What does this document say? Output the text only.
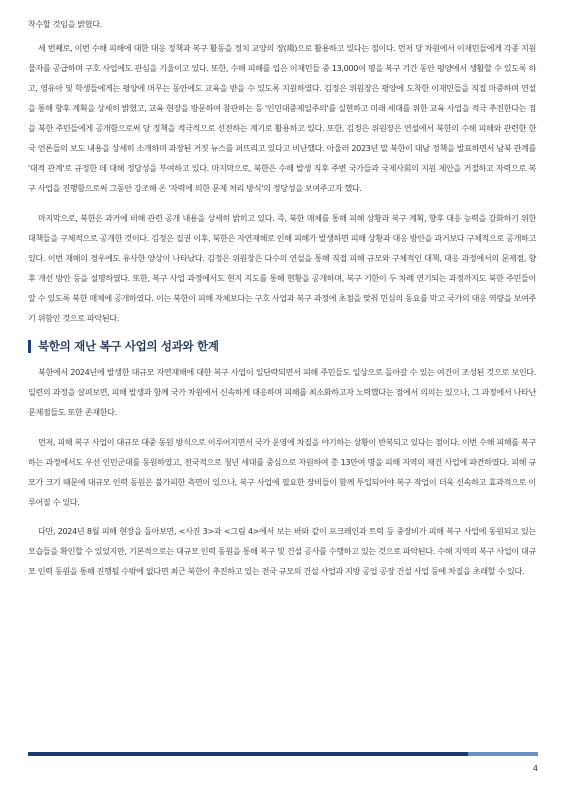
착수할 것임을 밝혔다.

세 번째로, 이번 수해 피해에 대한 대응 정책과 복구 활동을 정치 교양의 장(場)으로 활용하고 있다는 점이다. 먼저 당 차원에서 이재민들에게 각종 지원 물자를 공급하며 구호 사업에도 관심을 기울이고 있다. 또한, 수해 피해를 입은 이재민들 중 13,000여 명을 복구 기간 동안 평양에서 생활할 수 있도록 하고, 영유아 및 학생들에게는 평양에 머무는 동안에도 교육을 받을 수 있도록 지원하였다. 김정은 위원장은 평양에 도착한 이재민들을 직접 마중하며 연설을 통해 향후 계획을 상세히 밝혔고, 교육 현장을 방문하여 참관하는 등 '인민대중제일주의'를 실현하고 미래 세대를 위한 교육 사업을 적극 추진한다는 점을 북한 주민들에게 공개함으로써 당 정책을 적극적으로 선전하는 계기로 활용하고 있다. 또한, 김정은 위원장은 연설에서 북한의 수해 피해와 관련한 한국 언론들의 보도 내용을 상세히 소개하며 과장된 거짓 뉴스를 퍼뜨리고 있다고 비난했다. 아울러 2023년 말 북한이 대남 정책을 발표하면서 남북 관계를 '대적 관계'로 규정한 데 대해 정당성을 부여하고 있다. 마지막으로, 북한은 수해 발생 직후 주변 국가들과 국제사회의 지원 제안을 거절하고 자력으로 복구 사업을 진행함으로써 그동안 강조해 온 '자력에 의한 문제 처리 방식'의 정당성을 보여주고자 했다.

마지막으로, 북한은 과거에 비해 관련 공개 내용을 상세히 밝히고 있다. 즉, 북한 매체를 통해 피해 상황과 복구 계획, 향후 대응 능력을 강화하기 위한 대책들을 구체적으로 공개한 것이다. 김정은 집권 이후, 북한은 자연재해로 인해 피해가 발생하면 피해 상황과 대응 방안을 과거보다 구체적으로 공개하고 있다. 이번 재해의 경우에도 유사한 양상이 나타났다. 김정은 위원장은 다수의 연설을 통해 직접 피해 규모와 구체적인 대책, 대응 과정에서의 문제점, 향후 개선 방안 등을 설명하였다. 또한, 복구 사업 과정에서도 현지 지도를 통해 현황을 공개하며, 복구 기한이 두 차례 연기되는 과정까지도 북한 주민들이 알 수 있도록 북한 매체에 공개하였다. 이는 북한이 피해 자체보다는 구호 사업과 복구 과정에 초점을 맞춰 민심의 동요를 막고 국가의 대응 역량을 보여주기 위함인 것으로 파악된다.

북한의 재난 복구 사업의 성과와 한계

북한에서 2024년에 발생한 대규모 자연재해에 대한 복구 사업이 일단락되면서 피해 주민들도 일상으로 돌아갈 수 있는 여건이 조성된 것으로 보인다. 일련의 과정을 살펴보면, 피해 발생과 함께 국가 차원에서 신속하게 대응하며 피해를 최소화하고자 노력했다는 점에서 의의는 있으나, 그 과정에서 나타난 문제점들도 또한 존재한다.

먼저, 피해 복구 사업이 대규모 대중 동원 방식으로 이루어지면서 국가 운영에 차질을 야기하는 상황이 반복되고 있다는 점이다. 이번 수해 피해를 복구하는 과정에서도 우선 인민군대를 동원하였고, 전국적으로 청년 세대를 중심으로 자원하여 총 13만여 명을 피해 지역의 재건 사업에 파견하였다. 피해 규모가 크기 때문에 대규모 인력 동원은 불가피한 측면이 있으나, 복구 사업에 필요한 장비들이 함께 투입되어야 복구 작업이 더욱 신속하고 효과적으로 이루어질 수 있다.

다만, 2024년 8월 피해 현장을 돌아보면, <사진 3>과 <그림 4>에서 보는 바와 같이 포크레인과 트럭 등 중장비가 피해 복구 사업에 동원되고 있는 모습들을 확인할 수 있었지만, 기본적으로는 대규모 인력 동원을 통해 복구 및 건설 공사를 수행하고 있는 것으로 파악된다. 수해 지역의 복구 사업이 대규모 인력 동원을 통해 진행될 수밖에 없다면 최근 북한이 추진하고 있는 전국 규모의 건설 사업과 지방 공업 공장 건설 사업 등에 차질을 초래할 수 있다.

4
